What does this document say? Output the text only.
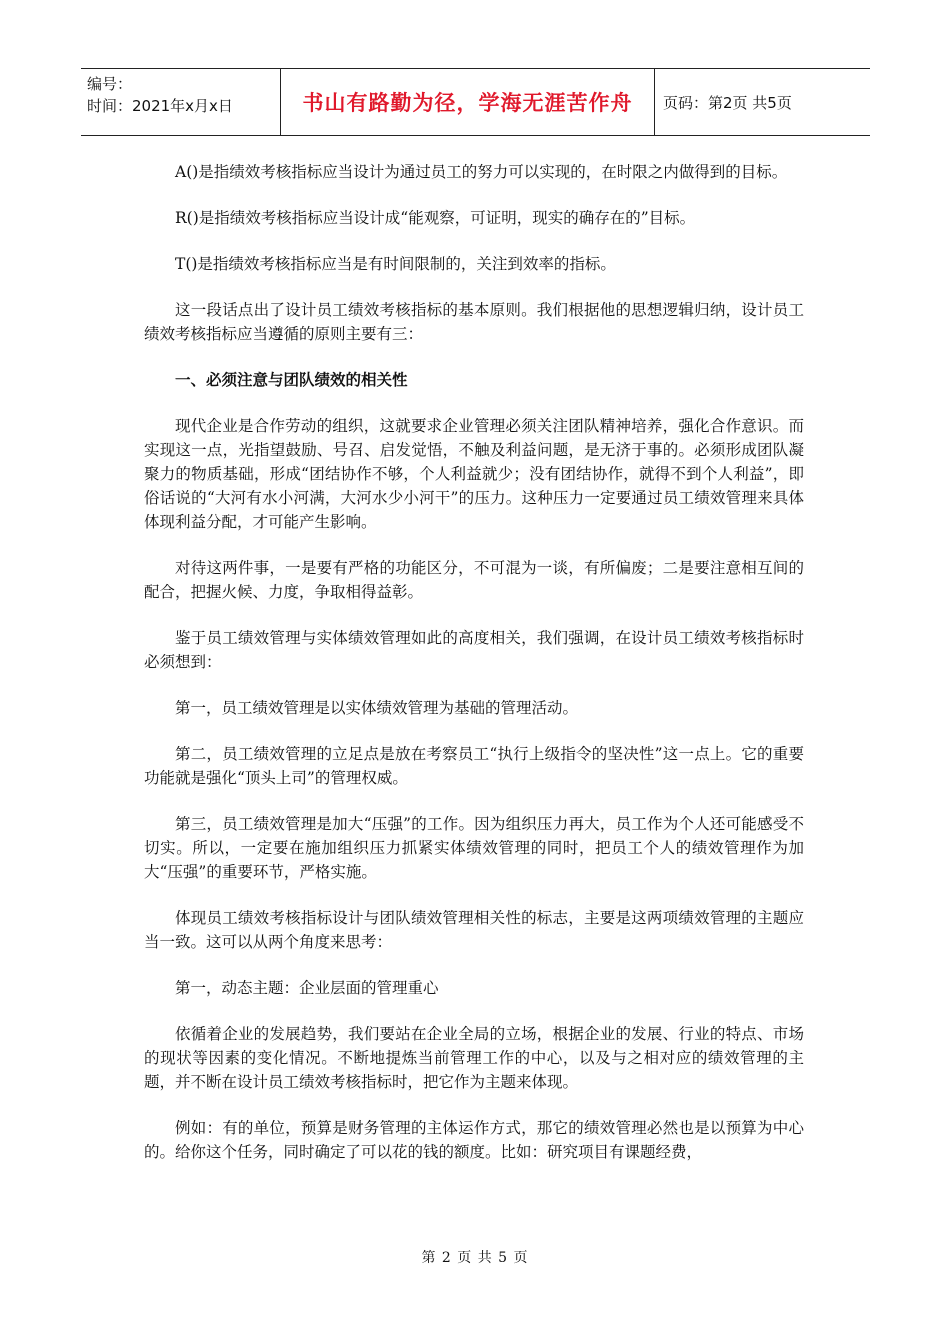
编号：
时间：2021年x月x日	书山有路勤为径，学海无涯苦作舟	页码：第2页 共5页

A()是指绩效考核指标应当设计为通过员工的努力可以实现的，在时限之内做得到的目标。

R()是指绩效考核指标应当设计成“能观察，可证明，现实的确存在的”目标。

T()是指绩效考核指标应当是有时间限制的，关注到效率的指标。

这一段话点出了设计员工绩效考核指标的基本原则。我们根据他的思想逻辑归纳，设计员工绩效考核指标应当遵循的原则主要有三：

一、必须注意与团队绩效的相关性

现代企业是合作劳动的组织，这就要求企业管理必须关注团队精神培养，强化合作意识。而实现这一点，光指望鼓励、号召、启发觉悟，不触及利益问题，是无济于事的。必须形成团队凝聚力的物质基础，形成“团结协作不够，个人利益就少；没有团结协作，就得不到个人利益”，即俗话说的“大河有水小河满，大河水少小河干”的压力。这种压力一定要通过员工绩效管理来具体体现利益分配，才可能产生影响。

对待这两件事，一是要有严格的功能区分，不可混为一谈，有所偏废；二是要注意相互间的配合，把握火候、力度，争取相得益彰。

鉴于员工绩效管理与实体绩效管理如此的高度相关，我们强调，在设计员工绩效考核指标时必须想到：

第一，员工绩效管理是以实体绩效管理为基础的管理活动。

第二，员工绩效管理的立足点是放在考察员工“执行上级指令的坚决性”这一点上。它的重要功能就是强化“顶头上司”的管理权威。

第三，员工绩效管理是加大“压强”的工作。因为组织压力再大，员工作为个人还可能感受不切实。所以，一定要在施加组织压力抓紧实体绩效管理的同时，把员工个人的绩效管理作为加大“压强”的重要环节，严格实施。

体现员工绩效考核指标设计与团队绩效管理相关性的标志，主要是这两项绩效管理的主题应当一致。这可以从两个角度来思考：

第一，动态主题：企业层面的管理重心

依循着企业的发展趋势，我们要站在企业全局的立场，根据企业的发展、行业的特点、市场的现状等因素的变化情况。不断地提炼当前管理工作的中心，以及与之相对应的绩效管理的主题，并不断在设计员工绩效考核指标时，把它作为主题来体现。

例如：有的单位，预算是财务管理的主体运作方式，那它的绩效管理必然也是以预算为中心的。给你这个任务，同时确定了可以花的钱的额度。比如：研究项目有课题经费，

第 2 页 共 5 页
